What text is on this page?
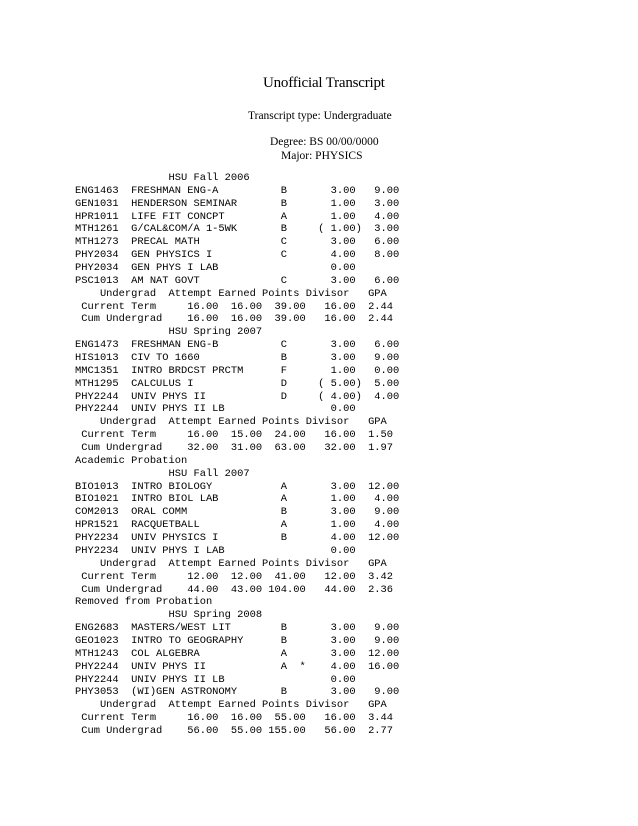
Unofficial Transcript
Transcript type: Undergraduate
Degree: BS 00/00/0000
Major: PHYSICS
HSU Fall 2006
ENG1463  FRESHMAN ENG-A          B       3.00   9.00
GEN1031  HENDERSON SEMINAR       B       1.00   3.00
HPR1011  LIFE FIT CONCPT         A       1.00   4.00
MTH1261  G/CAL&COM/A 1-5WK       B     ( 1.00)  3.00
MTH1273  PRECAL MATH             C       3.00   6.00
PHY2034  GEN PHYSICS I           C       4.00   8.00
PHY2034  GEN PHYS I LAB                  0.00
PSC1013  AM NAT GOVT             C       3.00   6.00
Undergrad  Attempt Earned Points Divisor   GPA
Current Term     16.00  16.00  39.00   16.00  2.44
Cum Undergrad    16.00  16.00  39.00   16.00  2.44
HSU Spring 2007
ENG1473  FRESHMAN ENG-B          C       3.00   6.00
HIS1013  CIV TO 1660             B       3.00   9.00
MMC1351  INTRO BRDCST PRCTM      F       1.00   0.00
MTH1295  CALCULUS I              D     ( 5.00)  5.00
PHY2244  UNIV PHYS II            D     ( 4.00)  4.00
PHY2244  UNIV PHYS II LB                 0.00
Undergrad  Attempt Earned Points Divisor   GPA
Current Term     16.00  15.00  24.00   16.00  1.50
Cum Undergrad    32.00  31.00  63.00   32.00  1.97
Academic Probation
HSU Fall 2007
BIO1013  INTRO BIOLOGY           A       3.00  12.00
BIO1021  INTRO BIOL LAB          A       1.00   4.00
COM2013  ORAL COMM               B       3.00   9.00
HPR1521  RACQUETBALL             A       1.00   4.00
PHY2234  UNIV PHYSICS I          B       4.00  12.00
PHY2234  UNIV PHYS I LAB                 0.00
Undergrad  Attempt Earned Points Divisor   GPA
Current Term     12.00  12.00  41.00   12.00  3.42
Cum Undergrad    44.00  43.00 104.00   44.00  2.36
Removed from Probation
HSU Spring 2008
ENG2683  MASTERS/WEST LIT        B       3.00   9.00
GEO1023  INTRO TO GEOGRAPHY      B       3.00   9.00
MTH1243  COL ALGEBRA             A       3.00  12.00
PHY2244  UNIV PHYS II            A  *    4.00  16.00
PHY2244  UNIV PHYS II LB                 0.00
PHY3053  (WI)GEN ASTRONOMY       B       3.00   9.00
Undergrad  Attempt Earned Points Divisor   GPA
Current Term     16.00  16.00  55.00   16.00  3.44
Cum Undergrad    56.00  55.00 155.00   56.00  2.77
